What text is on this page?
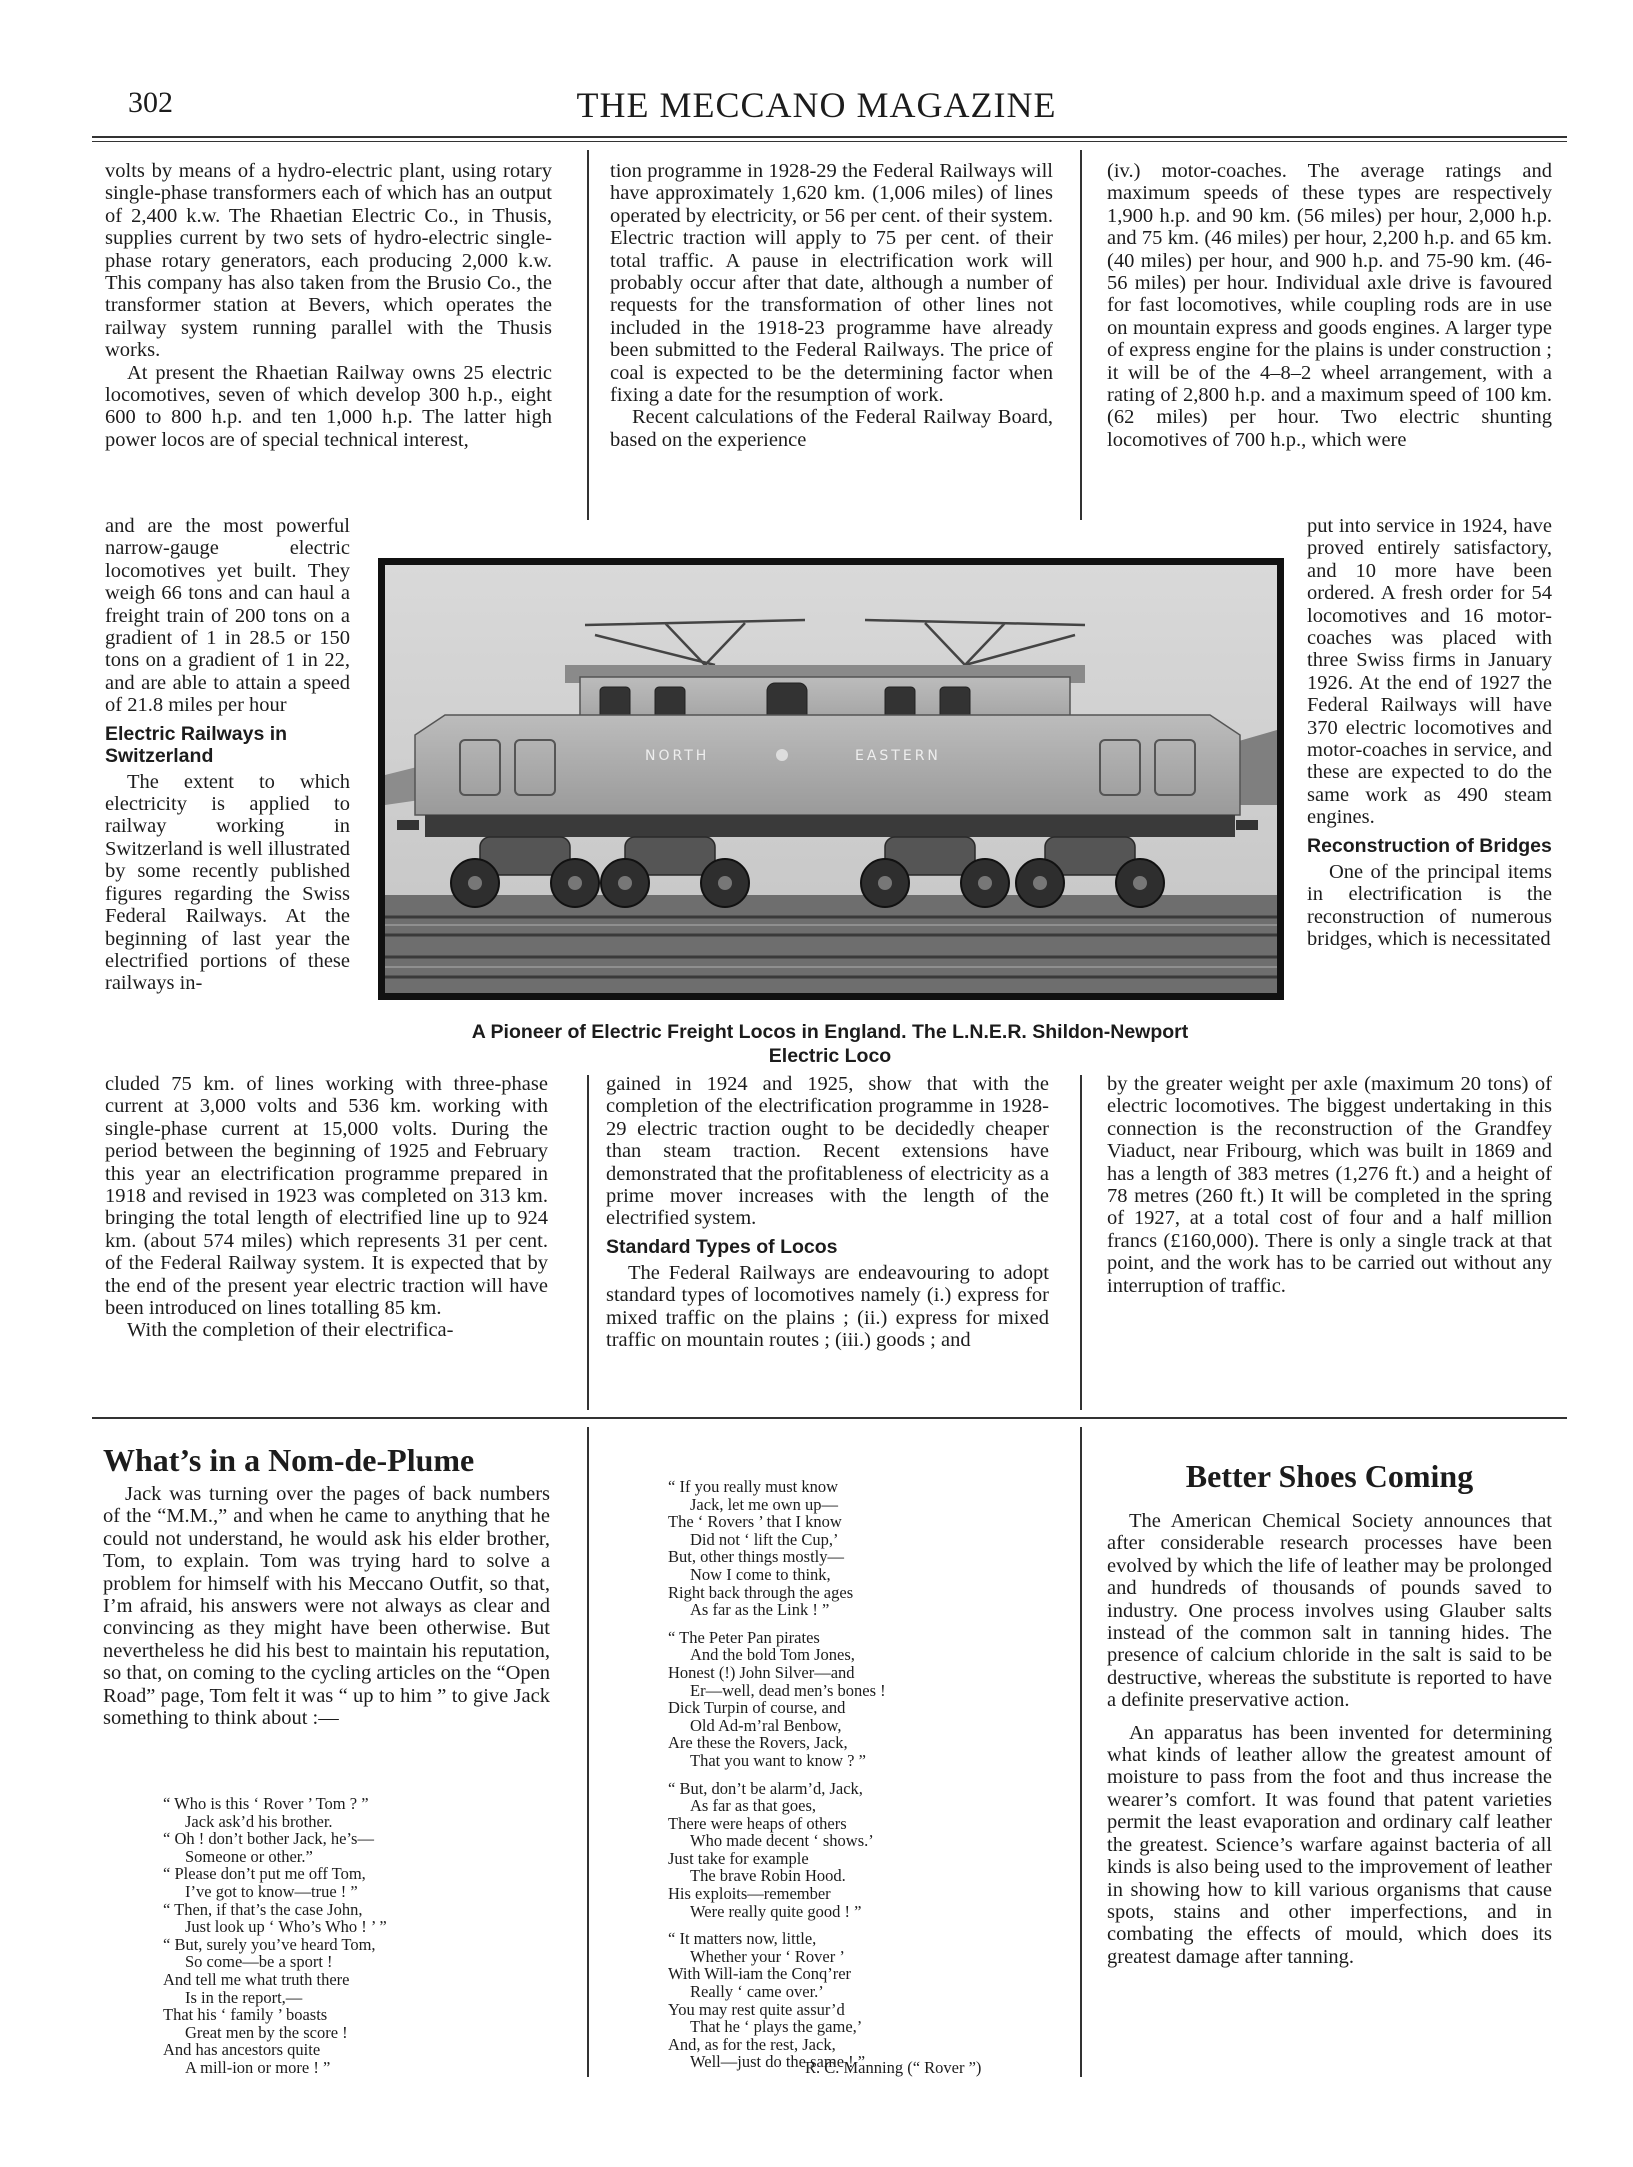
302	THE MECCANO MAGAZINE

volts by means of a hydro-electric plant, using rotary single-phase transformers each of which has an output of 2,400 k.w. The Rhaetian Electric Co., in Thusis, supplies current by two sets of hydro-electric single-phase rotary generators, each producing 2,000 k.w. This company has also taken from the Brusio Co., the transformer station at Bevers, which operates the railway system running parallel with the Thusis works.

At present the Rhaetian Railway owns 25 electric locomotives, seven of which develop 300 h.p., eight 600 to 800 h.p. and ten 1,000 h.p. The latter high power locos are of special technical interest,

and are the most powerful narrow-gauge electric locomotives yet built. They weigh 66 tons and can haul a freight train of 200 tons on a gradient of 1 in 28.5 or 150 tons on a gradient of 1 in 22, and are able to attain a speed of 21.8 miles per hour

Electric Railways in Switzerland

The extent to which electricity is applied to railway working in Switzerland is well illustrated by some recently published figures regarding the Swiss Federal Railways. At the beginning of last year the electrified portions of these railways in-

cluded 75 km. of lines working with three-phase current at 3,000 volts and 536 km. working with single-phase current at 15,000 volts. During the period between the beginning of 1925 and February this year an electrification programme prepared in 1918 and revised in 1923 was completed on 313 km. bringing the total length of electrified line up to 924 km. (about 574 miles) which represents 31 per cent. of the Federal Railway system. It is expected that by the end of the present year electric traction will have been introduced on lines totalling 85 km.

With the completion of their electrifica-

tion programme in 1928-29 the Federal Railways will have approximately 1,620 km. (1,006 miles) of lines operated by electricity, or 56 per cent. of their system. Electric traction will apply to 75 per cent. of their total traffic. A pause in electrification work will probably occur after that date, although a number of requests for the transformation of other lines not included in the 1918-23 programme have already been submitted to the Federal Railways. The price of coal is expected to be the determining factor when fixing a date for the resumption of work.

Recent calculations of the Federal Railway Board, based on the experience

gained in 1924 and 1925, show that with the completion of the electrification programme in 1928-29 electric traction ought to be decidedly cheaper than steam traction. Recent extensions have demonstrated that the profitableness of electricity as a prime mover increases with the length of the electrified system.

Standard Types of Locos

The Federal Railways are endeavouring to adopt standard types of locomotives namely (i.) express for mixed traffic on the plains ; (ii.) express for mixed traffic on mountain routes ; (iii.) goods ; and

(iv.) motor-coaches. The average ratings and maximum speeds of these types are respectively 1,900 h.p. and 90 km. (56 miles) per hour, 2,000 h.p. and 75 km. (46 miles) per hour, 2,200 h.p. and 65 km. (40 miles) per hour, and 900 h.p. and 75-90 km. (46-56 miles) per hour. Individual axle drive is favoured for fast locomotives, while coupling rods are in use on mountain express and goods engines. A larger type of express engine for the plains is under construction ; it will be of the 4–8–2 wheel arrangement, with a rating of 2,800 h.p. and a maximum speed of 100 km. (62 miles) per hour. Two electric shunting locomotives of 700 h.p., which were

put into service in 1924, have proved entirely satisfactory, and 10 more have been ordered. A fresh order for 54 locomotives and 16 motor-coaches was placed with three Swiss firms in January 1926. At the end of 1927 the Federal Railways will have 370 electric locomotives and motor-coaches in service, and these are expected to do the same work as 490 steam engines.

Reconstruction of Bridges

One of the principal items in electrification is the reconstruction of numerous bridges, which is necessitated

by the greater weight per axle (maximum 20 tons) of electric locomotives. The biggest undertaking in this connection is the reconstruction of the Grandfey Viaduct, near Fribourg, which was built in 1869 and has a length of 383 metres (1,276 ft.) and a height of 78 metres (260 ft.) It will be completed in the spring of 1927, at a total cost of four and a half million francs (£160,000). There is only a single track at that point, and the work has to be carried out without any interruption of traffic.

NORTH	EASTERN
A Pioneer of Electric Freight Locos in England. The L.N.E.R. Shildon-Newport
Electric Loco
What’s in a Nom-de-Plume

Jack was turning over the pages of back numbers of the “M.M.,” and when he came to anything that he could not understand, he would ask his elder brother, Tom, to explain. Tom was trying hard to solve a problem for himself with his Meccano Outfit, so that, I’m afraid, his answers were not always as clear and convincing as they might have been otherwise. But nevertheless he did his best to maintain his reputation, so that, on coming to the cycling articles on the “Open Road” page, Tom felt it was “ up to him ” to give Jack something to think about :—

“ Who is this ‘ Rover ’ Tom ? ”
Jack ask’d his brother.
“ Oh ! don’t bother Jack, he’s—
Someone or other.”
“ Please don’t put me off Tom,
I’ve got to know—true ! ”
“ Then, if that’s the case John,
Just look up ‘ Who’s Who ! ’ ”
“ But, surely you’ve heard Tom,
So come—be a sport !
And tell me what truth there
Is in the report,—
That his ‘ family ’ boasts
Great men by the score !
And has ancestors quite
A mill-ion or more ! ”
“ If you really must know
Jack, let me own up—
The ‘ Rovers ’ that I know
Did not ‘ lift the Cup,’
But, other things mostly—
Now I come to think,
Right back through the ages
As far as the Link ! ”
“ The Peter Pan pirates
And the bold Tom Jones,
Honest (!) John Silver—and
Er—well, dead men’s bones !
Dick Turpin of course, and
Old Ad-m’ral Benbow,
Are these the Rovers, Jack,
That you want to know ? ”
“ But, don’t be alarm’d, Jack,
As far as that goes,
There were heaps of others
Who made decent ‘ shows.’
Just take for example
The brave Robin Hood.
His exploits—remember
Were really quite good ! ”
“ It matters now, little,
Whether your ‘ Rover ’
With Will-iam the Conq’rer
Really ‘ came over.’
You may rest quite assur’d
That he ‘ plays the game,’
And, as for the rest, Jack,
Well—just do the same ! ”
R. C. Manning (“ Rover ”)
Better Shoes Coming

The American Chemical Society announces that after considerable research processes have been evolved by which the life of leather may be prolonged and hundreds of thousands of pounds saved to industry. One process involves using Glauber salts instead of the common salt in tanning hides. The presence of calcium chloride in the salt is said to be destructive, whereas the substitute is reported to have a definite preservative action.

An apparatus has been invented for determining what kinds of leather allow the greatest amount of moisture to pass from the foot and thus increase the wearer’s comfort. It was found that patent varieties permit the least evaporation and ordinary calf leather the greatest. Science’s warfare against bacteria of all kinds is also being used to the improvement of leather in showing how to kill various organisms that cause spots, stains and other imperfections, and in combating the effects of mould, which does its greatest damage after tanning.
